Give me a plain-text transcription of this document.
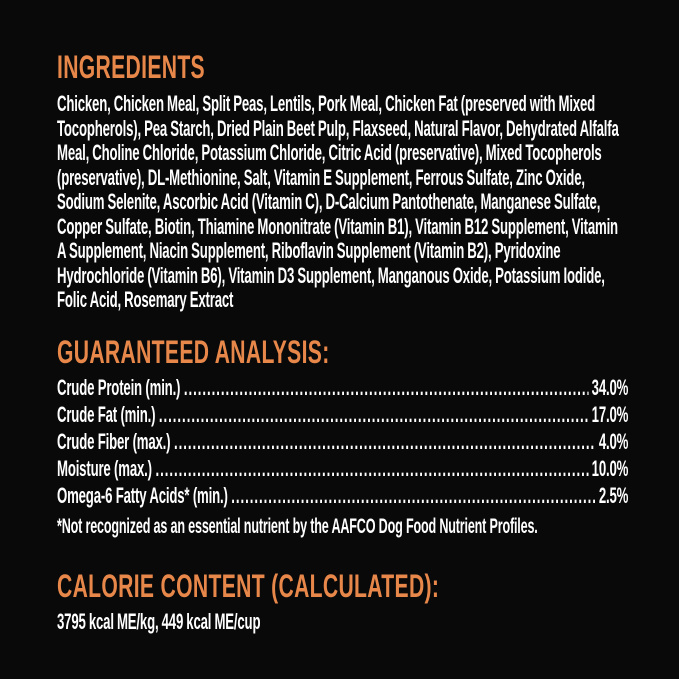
INGREDIENTS

Chicken, Chicken Meal, Split Peas, Lentils, Pork Meal, Chicken Fat (preserved with Mixed Tocopherols), Pea Starch, Dried Plain Beet Pulp, Flaxseed, Natural Flavor, Dehydrated Alfalfa Meal, Choline Chloride, Potassium Chloride, Citric Acid (preservative), Mixed Tocopherols (preservative), DL-Methionine, Salt, Vitamin E Supplement, Ferrous Sulfate, Zinc Oxide, Sodium Selenite, Ascorbic Acid (Vitamin C), D-Calcium Pantothenate, Manganese Sulfate, Copper Sulfate, Biotin, Thiamine Mononitrate (Vitamin B1), Vitamin B12 Supplement, Vitamin A Supplement, Niacin Supplement, Riboflavin Supplement (Vitamin B2), Pyridoxine Hydrochloride (Vitamin B6), Vitamin D3 Supplement, Manganous Oxide, Potassium Iodide, Folic Acid, Rosemary Extract

GUARANTEED ANALYSIS:
Crude Protein (min.) .....	34.0%
Crude Fat (min.) .....	17.0%
Crude Fiber (max.) .....	4.0%
Moisture (max.) .....	10.0%
Omega-6 Fatty Acids* (min.) .....	2.5%

*Not recognized as an essential nutrient by the AAFCO Dog Food Nutrient Profiles.

CALORIE CONTENT (CALCULATED):

3795 kcal ME/kg, 449 kcal ME/cup
